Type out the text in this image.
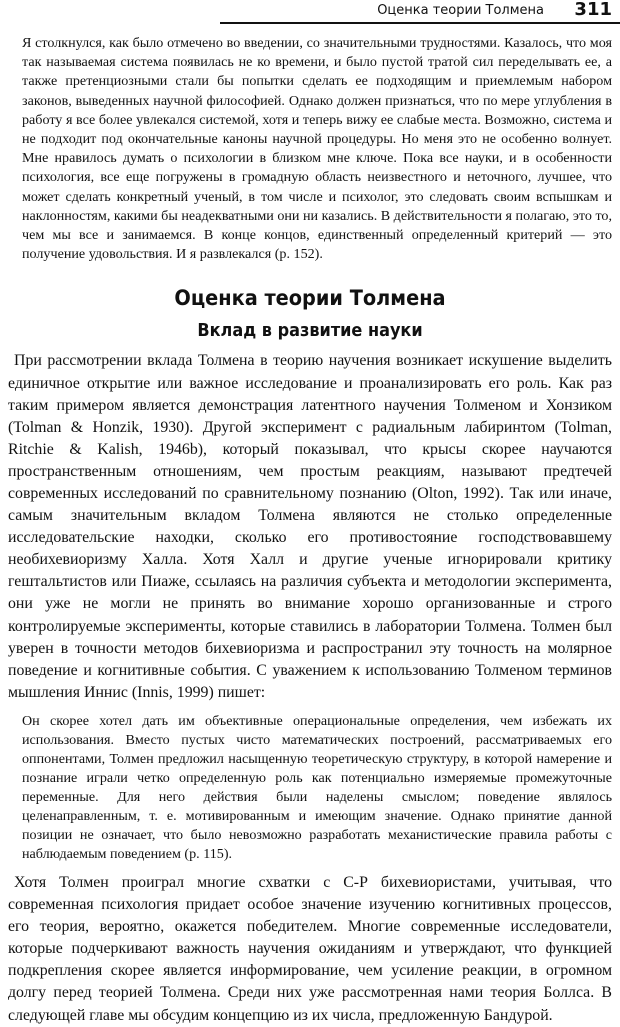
Оценка теории Толмена 311

Я столкнулся, как было отмечено во введении, со значительными трудностями. Казалось, что моя так называемая система появилась не ко времени, и было пустой тратой сил переделывать ее, а также претенциозными стали бы попытки сделать ее подходящим и приемлемым набором законов, выведенных научной философией. Однако должен признаться, что по мере углубления в работу я все более увлекался системой, хотя и теперь вижу ее слабые места. Возможно, система и не подходит под окончательные каноны научной процедуры. Но меня это не особенно волнует. Мне нравилось думать о психологии в близком мне ключе. Пока все науки, и в особенности психология, все еще погружены в громадную область неизвестного и неточного, лучшее, что может сделать конкретный ученый, в том числе и психолог, это следовать своим вспышкам и наклонностям, какими бы неадекватными они ни казались. В действительности я полагаю, это то, чем мы все и занимаемся. В конце концов, единственный определенный критерий — это получение удовольствия. И я развлекался (р. 152).

Оценка теории Толмена
Вклад в развитие науки

При рассмотрении вклада Толмена в теорию научения возникает искушение выделить единичное открытие или важное исследование и проанализировать его роль. Как раз таким примером является демонстрация латентного научения Толменом и Хонзиком (Tolman & Honzik, 1930). Другой эксперимент с радиальным лабиринтом (Tolman, Ritchie & Kalish, 1946b), который показывал, что крысы скорее научаются пространственным отношениям, чем простым реакциям, называют предтечей современных исследований по сравнительному познанию (Olton, 1992). Так или иначе, самым значительным вкладом Толмена являются не столько определенные исследовательские находки, сколько его противостояние господствовавшему необихевиоризму Халла. Хотя Халл и другие ученые игнорировали критику гештальтистов или Пиаже, ссылаясь на различия субъекта и методологии эксперимента, они уже не могли не принять во внимание хорошо организованные и строго контролируемые эксперименты, которые ставились в лаборатории Толмена. Толмен был уверен в точности методов бихевиоризма и распространил эту точность на молярное поведение и когнитивные события. С уважением к использованию Толменом терминов мышления Иннис (Innis, 1999) пишет:

Он скорее хотел дать им объективные операциональные определения, чем избежать их использования. Вместо пустых чисто математических построений, рассматриваемых его оппонентами, Толмен предложил насыщенную теоретическую структуру, в которой намерение и познание играли четко определенную роль как потенциально измеряемые промежуточные переменные. Для него действия были наделены смыслом; поведение являлось целенаправленным, т. е. мотивированным и имеющим значение. Однако принятие данной позиции не означает, что было невозможно разработать механистические правила работы с наблюдаемым поведением (р. 115).

Хотя Толмен проиграл многие схватки с С-Р бихевиористами, учитывая, что современная психология придает особое значение изучению когнитивных процессов, его теория, вероятно, окажется победителем. Многие современные исследователи, которые подчеркивают важность научения ожиданиям и утверждают, что функцией подкрепления скорее является информирование, чем усиление реакции, в огромном долгу перед теорией Толмена. Среди них уже рассмотренная нами теория Боллса. В следующей главе мы обсудим концепцию из их числа, предложенную Бандурой.
